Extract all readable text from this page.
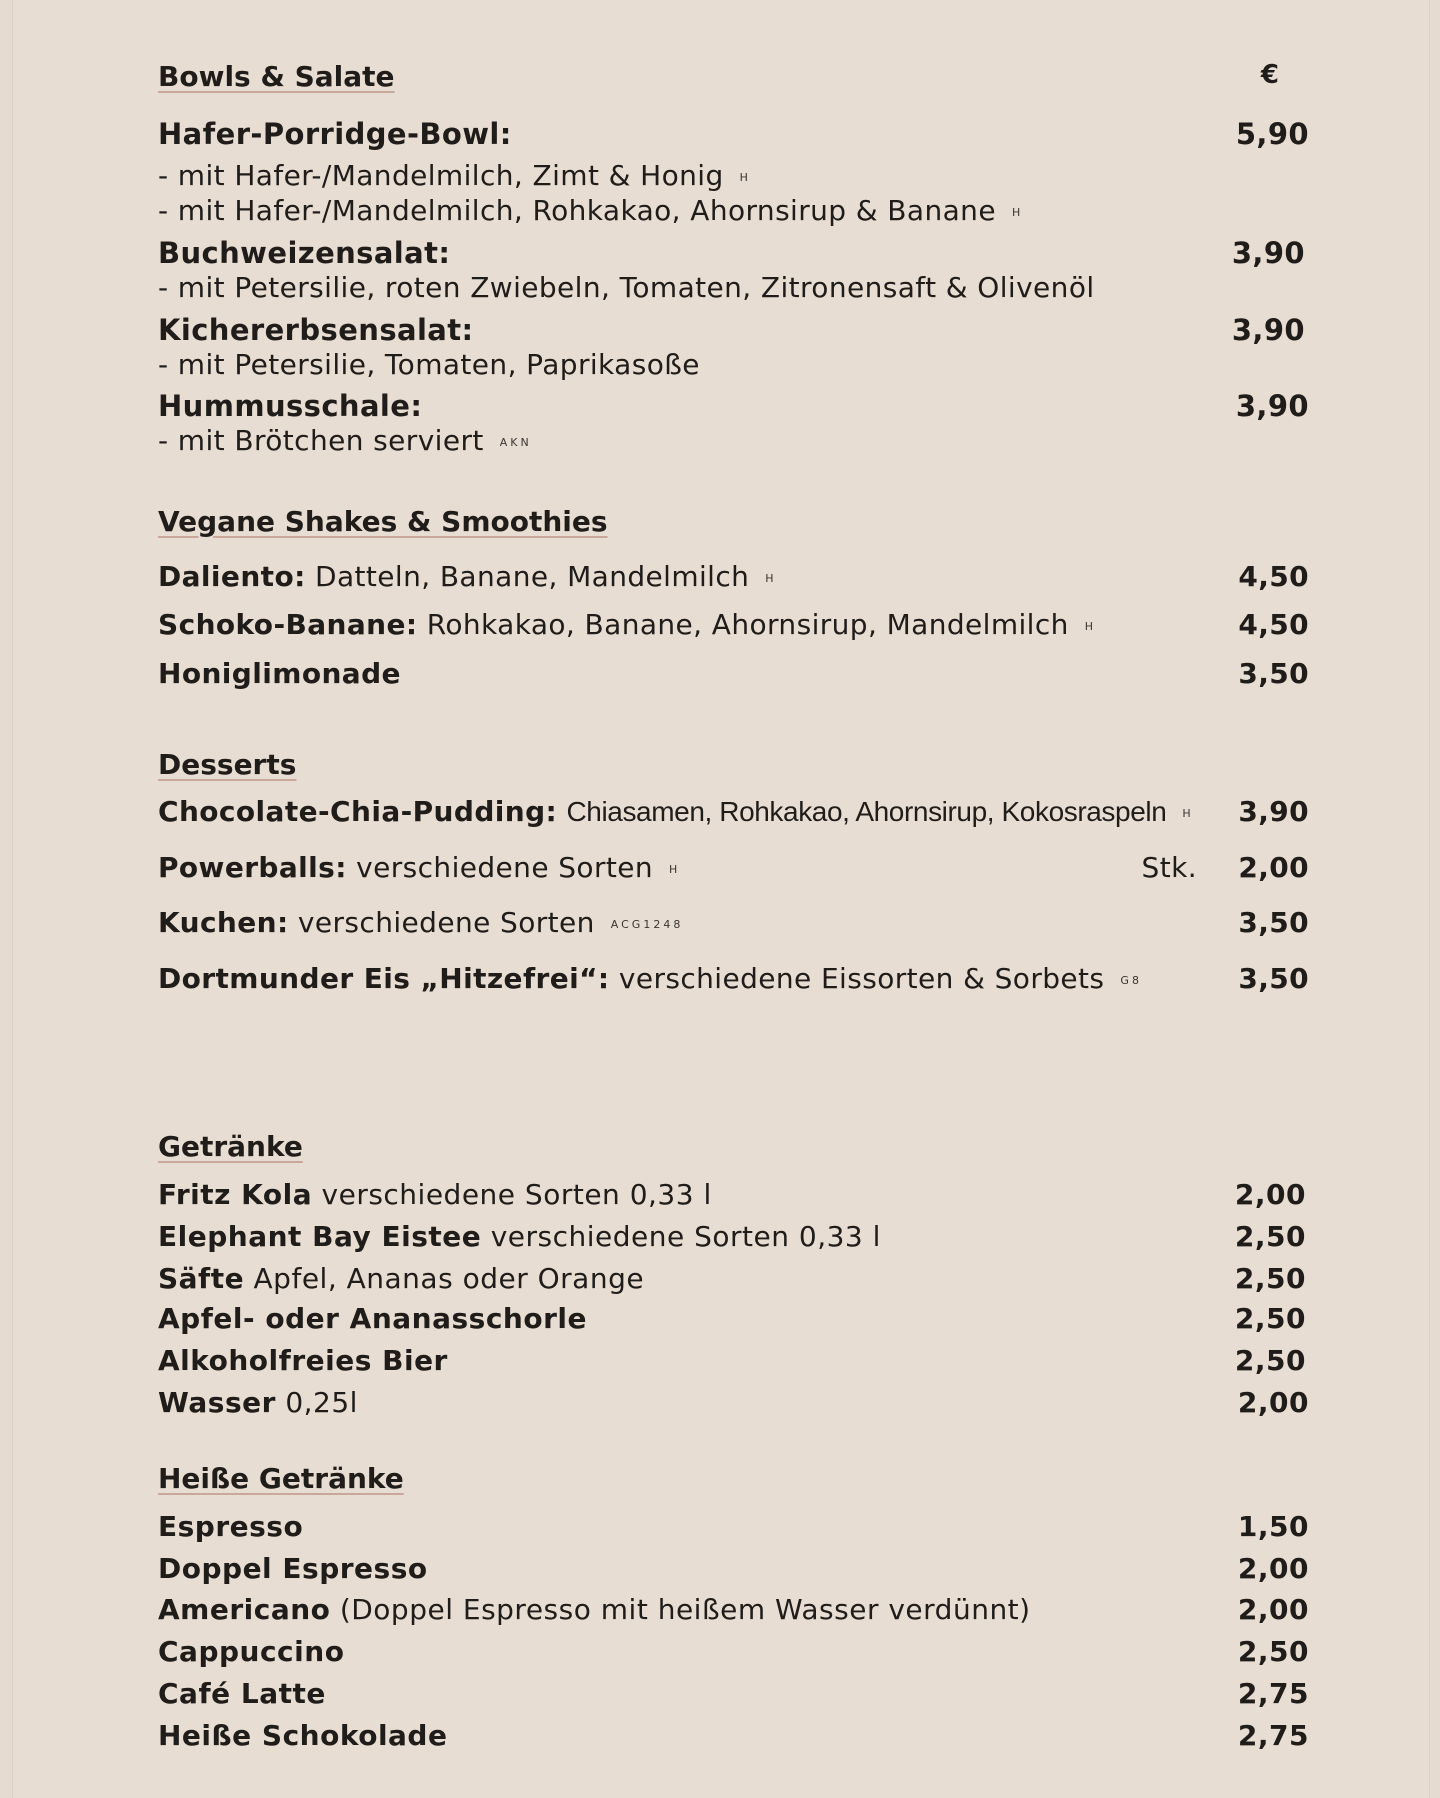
Bowls & Salate	€
Hafer-Porridge-Bowl:	5,90
- mit Hafer-/Mandelmilch, Zimt & Honig H
- mit Hafer-/Mandelmilch, Rohkakao, Ahornsirup & Banane H
Buchweizensalat:	3,90
- mit Petersilie, roten Zwiebeln, Tomaten, Zitronensaft & Olivenöl
Kichererbsensalat:	3,90
- mit Petersilie, Tomaten, Paprikasoße
Hummusschale:	3,90
- mit Brötchen serviert AKN
Vegane Shakes & Smoothies
Daliento: Datteln, Banane, Mandelmilch H	4,50
Schoko-Banane: Rohkakao, Banane, Ahornsirup, Mandelmilch H	4,50
Honiglimonade	3,50
Desserts
Chocolate-Chia-Pudding: Chiasamen, Rohkakao, Ahornsirup, Kokosraspeln H 3,90
Powerballs: verschiedene Sorten H	Stk. 2,00
Kuchen: verschiedene Sorten ACG1248	3,50
Dortmunder Eis „Hitzefrei“: verschiedene Eissorten & Sorbets G8	3,50
Getränke
Fritz Kola verschiedene Sorten 0,33 l	2,00
Elephant Bay Eistee verschiedene Sorten 0,33 l	2,50
Säfte Apfel, Ananas oder Orange	2,50
Apfel- oder Ananasschorle	2,50
Alkoholfreies Bier	2,50
Wasser 0,25l	2,00
Heiße Getränke
Espresso	1,50
Doppel Espresso	2,00
Americano (Doppel Espresso mit heißem Wasser verdünnt)	2,00
Cappuccino	2,50
Café Latte	2,75
Heiße Schokolade	2,75
